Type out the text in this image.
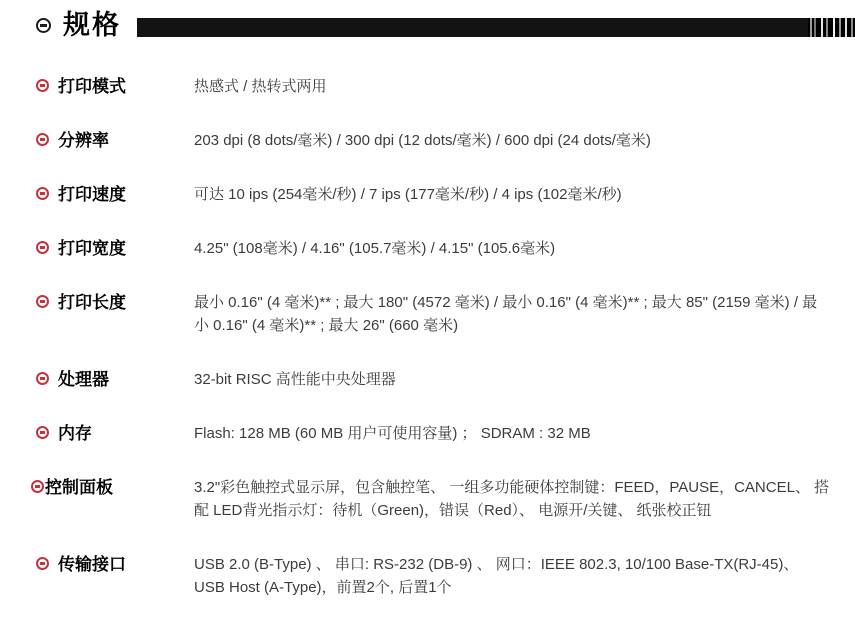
规格
打印模式	热感式 / 热转式两用
分辨率	203 dpi (8 dots/毫米) / 300 dpi (12 dots/毫米) / 600 dpi (24 dots/毫米)
打印速度	可达 10 ips (254毫米/秒) / 7 ips (177毫米/秒) / 4 ips (102毫米/秒)
打印宽度	4.25" (108毫米) / 4.16" (105.7毫米) / 4.15" (105.6毫米)
打印长度	最小 0.16" (4 毫米)** ; 最大 180" (4572 毫米) / 最小 0.16" (4 毫米)** ; 最大 85" (2159 毫米) / 最小 0.16" (4 毫米)** ; 最大 26" (660 毫米)
处理器	32-bit RISC 高性能中央处理器
内存	Flash: 128 MB (60 MB 用户可使用容量) ； SDRAM : 32 MB
控制面板	3.2"彩色触控式显示屏，包含触控笔、 一组多功能硬体控制键：FEED，PAUSE，CANCEL、 搭配 LED背光指示灯：待机（Green)，错误（Red）、 电源开/关键、 纸张校正钮
传输接口	USB 2.0 (B-Type) 、 串口: RS-232 (DB-9) 、 网口：IEEE 802.3, 10/100 Base-TX(RJ-45)、 USB Host (A-Type)，前置2个, 后置1个
